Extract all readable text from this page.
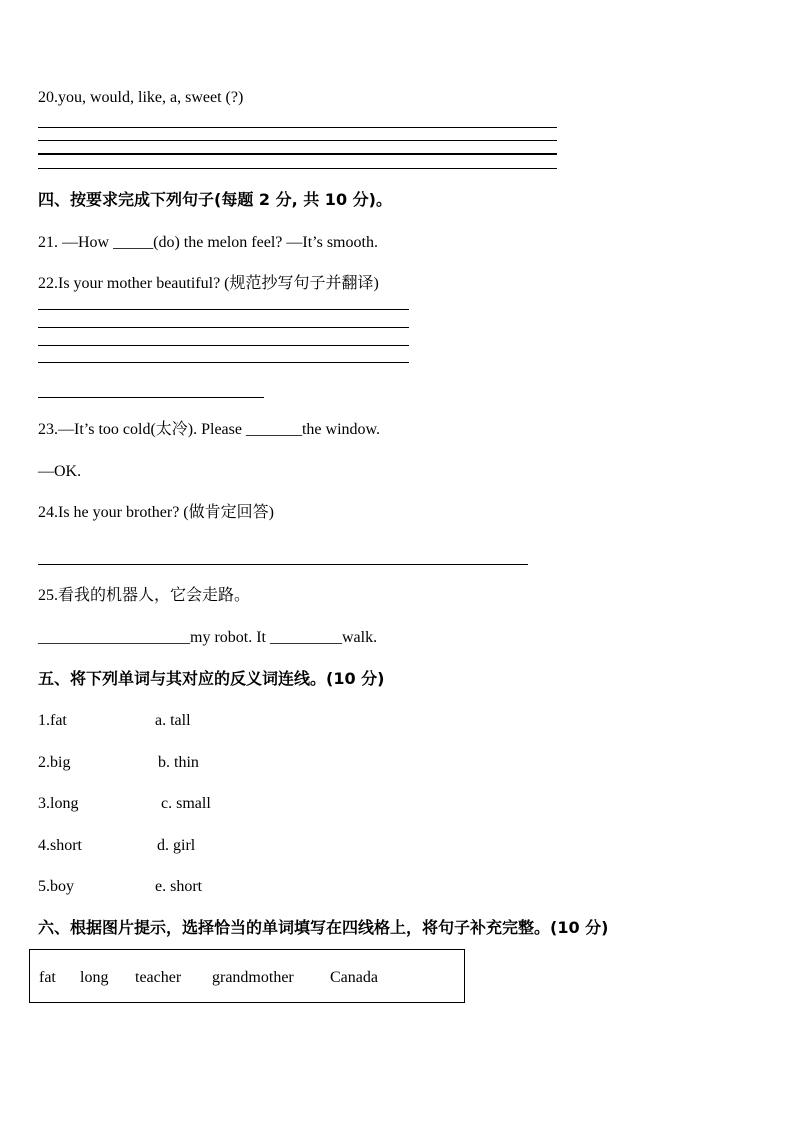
20.you, would, like, a, sweet (?)
四、按要求完成下列句子(每题 2 分, 共 10 分)。
21. —How _____(do) the melon feel? —It’s smooth.
22.Is your mother beautiful? (规范抄写句子并翻译)
23.—It’s too cold(太冷). Please _______the window.
—OK.
24.Is he your brother? (做肯定回答)
25.看我的机器人，它会走路。
___________________my robot. It _________walk.
五、将下列单词与其对应的反义词连线。(10 分)
1.fat	a. tall
2.big	b. thin
3.long	c. small
4.short	d. girl
5.boy	e. short
六、根据图片提示，选择恰当的单词填写在四线格上，将句子补充完整。(10 分)
fat long teacher grandmother Canada
